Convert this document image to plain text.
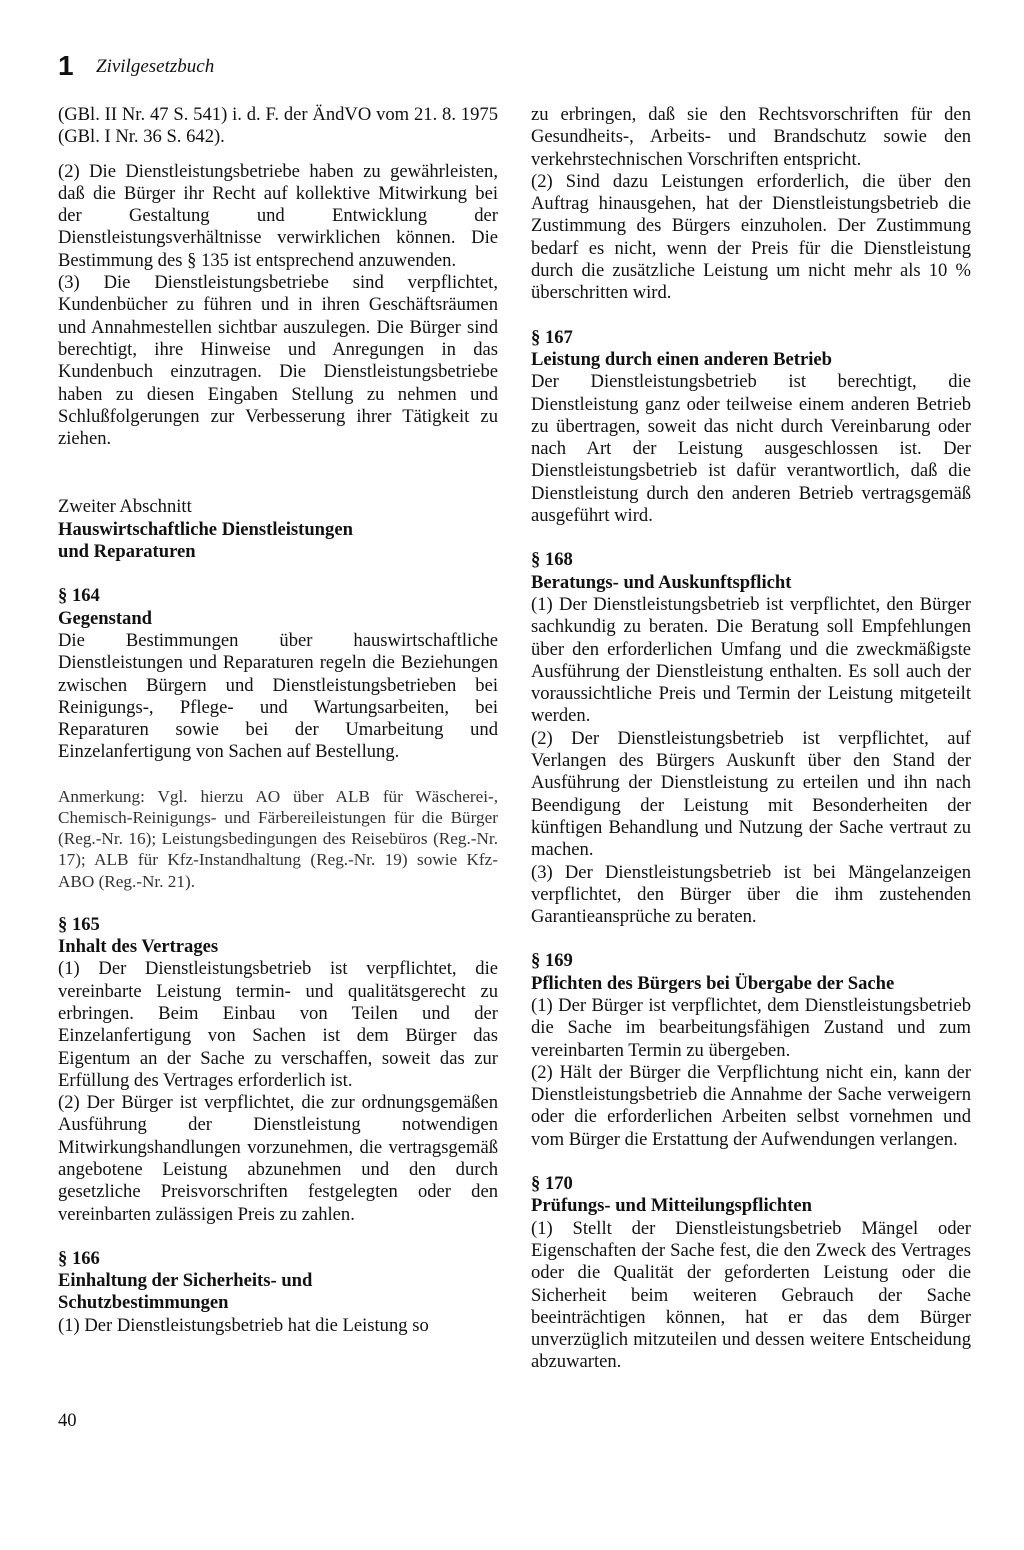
1 Zivilgesetzbuch

(GBl. II Nr. 47 S. 541) i. d. F. der ÄndVO vom 21. 8. 1975 (GBl. I Nr. 36 S. 642).

(2) Die Dienstleistungsbetriebe haben zu gewährleisten, daß die Bürger ihr Recht auf kollektive Mitwirkung bei der Gestaltung und Entwicklung der Dienstleistungsverhältnisse verwirklichen können. Die Bestimmung des § 135 ist entsprechend anzuwenden.

(3) Die Dienstleistungsbetriebe sind verpflichtet, Kundenbücher zu führen und in ihren Geschäftsräumen und Annahmestellen sichtbar auszulegen. Die Bürger sind berechtigt, ihre Hinweise und Anregungen in das Kundenbuch einzutragen. Die Dienstleistungsbetriebe haben zu diesen Eingaben Stellung zu nehmen und Schlußfolgerungen zur Verbesserung ihrer Tätigkeit zu ziehen.

Zweiter Abschnitt

Hauswirtschaftliche Dienstleistungen

und Reparaturen

§ 164

Gegenstand

Die Bestimmungen über hauswirtschaftliche Dienstleistungen und Reparaturen regeln die Beziehungen zwischen Bürgern und Dienstleistungsbetrieben bei Reinigungs-, Pflege- und Wartungsarbeiten, bei Reparaturen sowie bei der Umarbeitung und Einzelanfertigung von Sachen auf Bestellung.

Anmerkung: Vgl. hierzu AO über ALB für Wäscherei-, Chemisch-Reinigungs- und Färbereileistungen für die Bürger (Reg.-Nr. 16); Leistungsbedingungen des Reisebüros (Reg.-Nr. 17); ALB für Kfz-Instandhaltung (Reg.-Nr. 19) sowie Kfz-ABO (Reg.-Nr. 21).

§ 165

Inhalt des Vertrages

(1) Der Dienstleistungsbetrieb ist verpflichtet, die vereinbarte Leistung termin- und qualitätsgerecht zu erbringen. Beim Einbau von Teilen und der Einzelanfertigung von Sachen ist dem Bürger das Eigentum an der Sache zu verschaffen, soweit das zur Erfüllung des Vertrages erforderlich ist.

(2) Der Bürger ist verpflichtet, die zur ordnungsgemäßen Ausführung der Dienstleistung notwendigen Mitwirkungshandlungen vorzunehmen, die vertragsgemäß angebotene Leistung abzunehmen und den durch gesetzliche Preisvorschriften festgelegten oder den vereinbarten zulässigen Preis zu zahlen.

§ 166

Einhaltung der Sicherheits- und

Schutzbestimmungen

(1) Der Dienstleistungsbetrieb hat die Leistung so

40

zu erbringen, daß sie den Rechtsvorschriften für den Gesundheits-, Arbeits- und Brandschutz sowie den verkehrstechnischen Vorschriften entspricht.

(2) Sind dazu Leistungen erforderlich, die über den Auftrag hinausgehen, hat der Dienstleistungsbetrieb die Zustimmung des Bürgers einzuholen. Der Zustimmung bedarf es nicht, wenn der Preis für die Dienstleistung durch die zusätzliche Leistung um nicht mehr als 10 % überschritten wird.

§ 167

Leistung durch einen anderen Betrieb

Der Dienstleistungsbetrieb ist berechtigt, die Dienstleistung ganz oder teilweise einem anderen Betrieb zu übertragen, soweit das nicht durch Vereinbarung oder nach Art der Leistung ausgeschlossen ist. Der Dienstleistungsbetrieb ist dafür verantwortlich, daß die Dienstleistung durch den anderen Betrieb vertragsgemäß ausgeführt wird.

§ 168

Beratungs- und Auskunftspflicht

(1) Der Dienstleistungsbetrieb ist verpflichtet, den Bürger sachkundig zu beraten. Die Beratung soll Empfehlungen über den erforderlichen Umfang und die zweckmäßigste Ausführung der Dienstleistung enthalten. Es soll auch der voraussichtliche Preis und Termin der Leistung mitgeteilt werden.

(2) Der Dienstleistungsbetrieb ist verpflichtet, auf Verlangen des Bürgers Auskunft über den Stand der Ausführung der Dienstleistung zu erteilen und ihn nach Beendigung der Leistung mit Besonderheiten der künftigen Behandlung und Nutzung der Sache vertraut zu machen.

(3) Der Dienstleistungsbetrieb ist bei Mängelanzeigen verpflichtet, den Bürger über die ihm zustehenden Garantieansprüche zu beraten.

§ 169

Pflichten des Bürgers bei Übergabe der Sache

(1) Der Bürger ist verpflichtet, dem Dienstleistungsbetrieb die Sache im bearbeitungsfähigen Zustand und zum vereinbarten Termin zu übergeben.

(2) Hält der Bürger die Verpflichtung nicht ein, kann der Dienstleistungsbetrieb die Annahme der Sache verweigern oder die erforderlichen Arbeiten selbst vornehmen und vom Bürger die Erstattung der Aufwendungen verlangen.

§ 170

Prüfungs- und Mitteilungspflichten

(1) Stellt der Dienstleistungsbetrieb Mängel oder Eigenschaften der Sache fest, die den Zweck des Vertrages oder die Qualität der geforderten Leistung oder die Sicherheit beim weiteren Gebrauch der Sache beeinträchtigen können, hat er das dem Bürger unverzüglich mitzuteilen und dessen weitere Entscheidung abzuwarten.
